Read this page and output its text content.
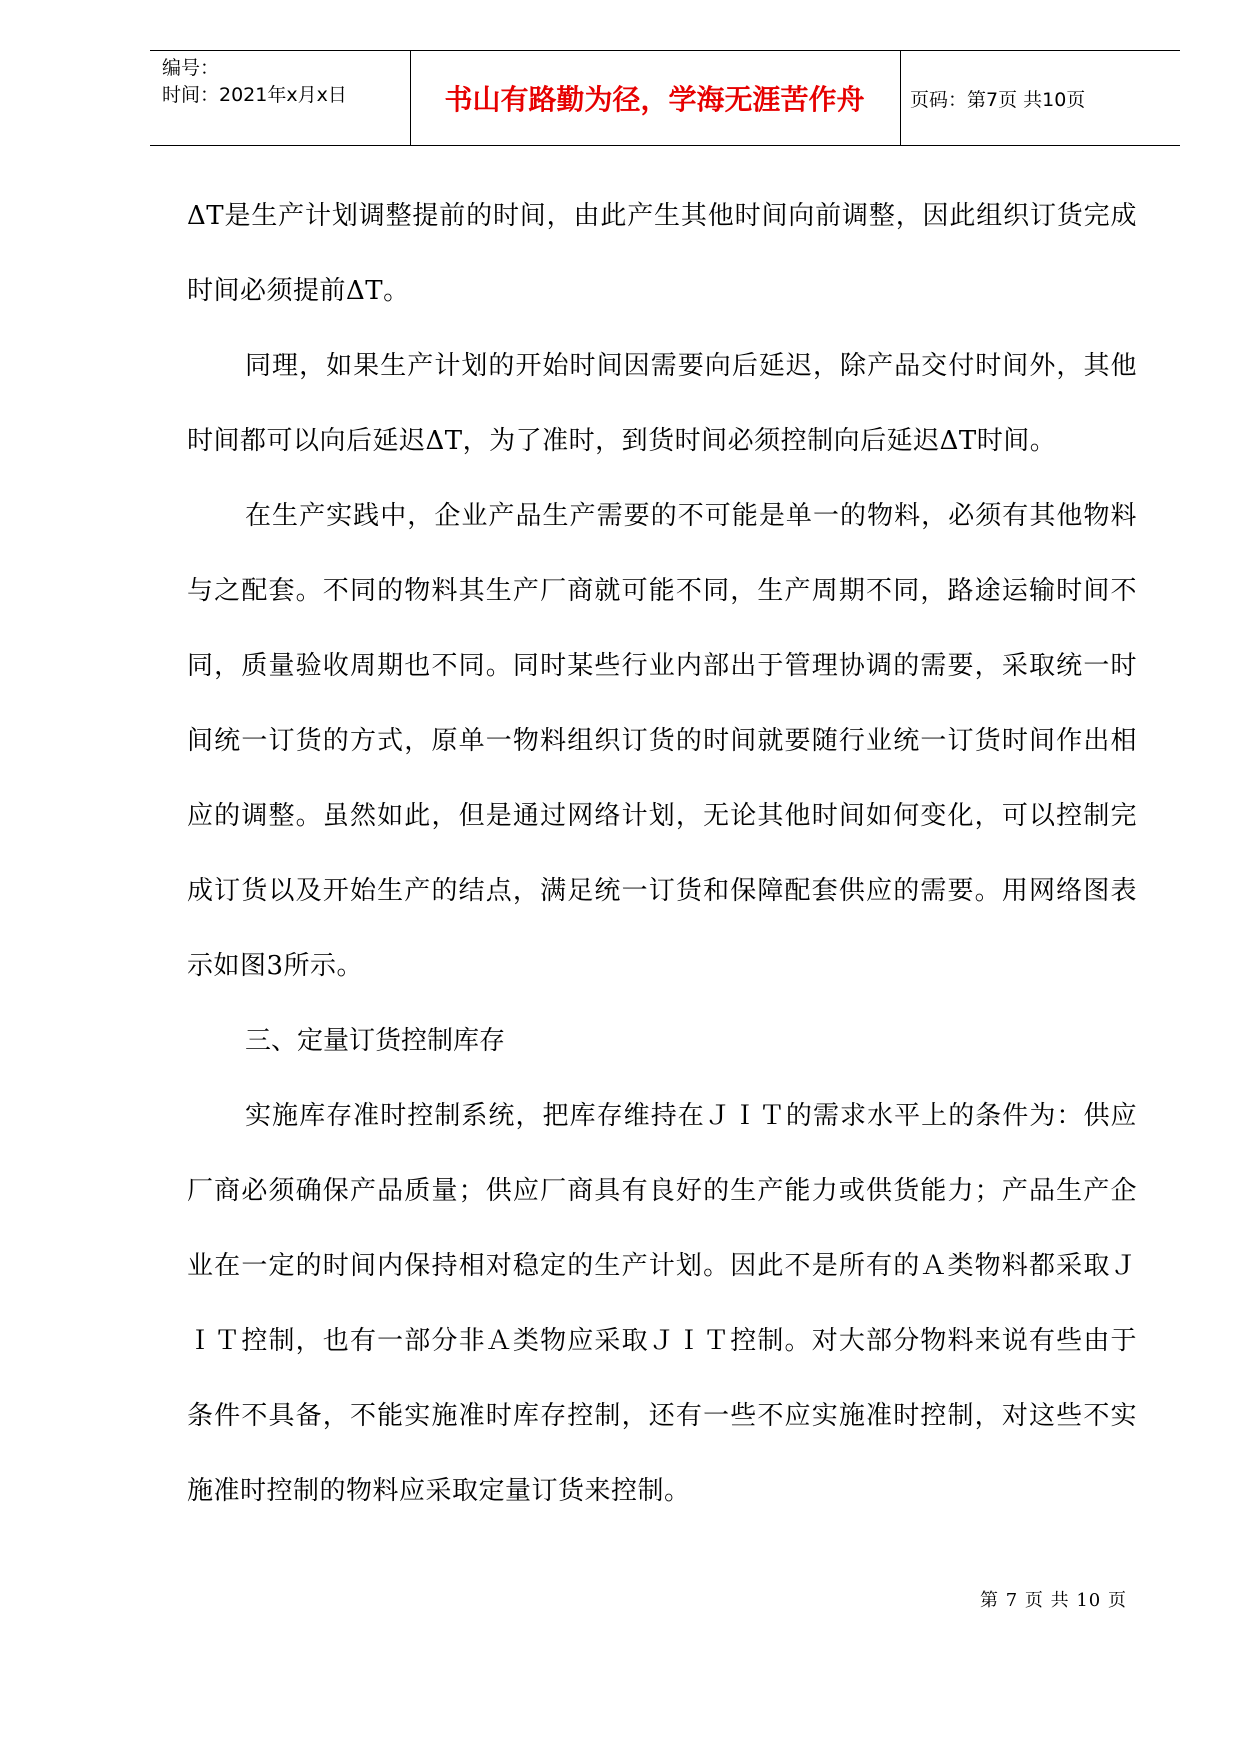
编号：
时间：2021年x月x日	书山有路勤为径，学海无涯苦作舟	页码：第7页 共10页

ΔT是生产计划调整提前的时间，由此产生其他时间向前调整，因此组织订货完成时间必须提前ΔT。

同理，如果生产计划的开始时间因需要向后延迟，除产品交付时间外，其他时间都可以向后延迟ΔT，为了准时，到货时间必须控制向后延迟ΔT时间。

在生产实践中，企业产品生产需要的不可能是单一的物料，必须有其他物料与之配套。不同的物料其生产厂商就可能不同，生产周期不同，路途运输时间不同，质量验收周期也不同。同时某些行业内部出于管理协调的需要，采取统一时间统一订货的方式，原单一物料组织订货的时间就要随行业统一订货时间作出相应的调整。虽然如此，但是通过网络计划，无论其他时间如何变化，可以控制完成订货以及开始生产的结点，满足统一订货和保障配套供应的需要。用网络图表示如图3所示。

三、定量订货控制库存

实施库存准时控制系统，把库存维持在ＪＩＴ的需求水平上的条件为：供应厂商必须确保产品质量；供应厂商具有良好的生产能力或供货能力；产品生产企业在一定的时间内保持相对稳定的生产计划。因此不是所有的Ａ类物料都采取ＪＩＴ控制，也有一部分非Ａ类物应采取ＪＩＴ控制。对大部分物料来说有些由于条件不具备，不能实施准时库存控制，还有一些不应实施准时控制，对这些不实施准时控制的物料应采取定量订货来控制。

第 7 页 共 10 页
